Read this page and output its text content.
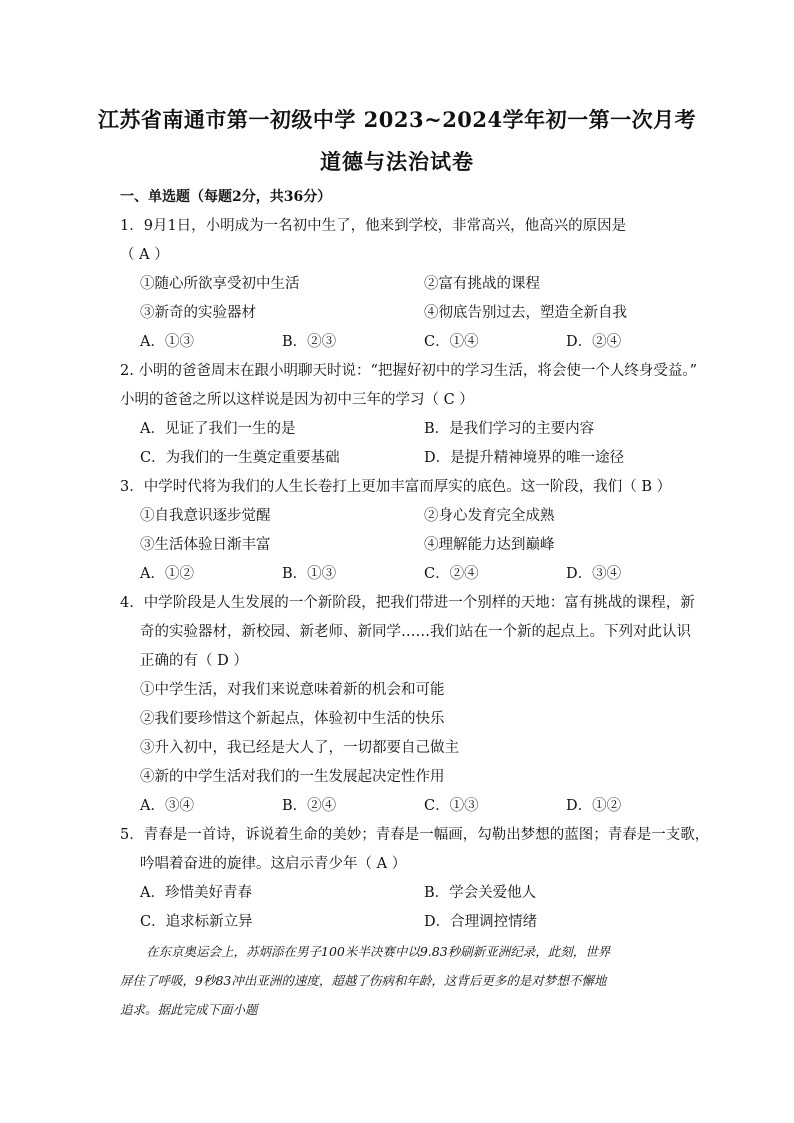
江苏省南通市第一初级中学 2023~2024学年初一第一次月考
道德与法治试卷
一、单选题（每题2分，共36分）
1．9月1日，小明成为一名初中生了，他来到学校，非常高兴，他高兴的原因是
（ A ）
①随心所欲享受初中生活	②富有挑战的课程
③新奇的实验器材	④彻底告别过去，塑造全新自我
A．①③	B．②③	C．①④	D．②④
2. 小明的爸爸周末在跟小明聊天时说：“把握好初中的学习生活，将会使一个人终身受益。”
小明的爸爸之所以这样说是因为初中三年的学习（ C ）
A．见证了我们一生的是	B．是我们学习的主要内容
C．为我们的一生奠定重要基础	D．是提升精神境界的唯一途径
3．中学时代将为我们的人生长卷打上更加丰富而厚实的底色。这一阶段，我们（ B ）
①自我意识逐步觉醒	②身心发育完全成熟
③生活体验日渐丰富	④理解能力达到巅峰
A．①②	B．①③	C．②④	D．③④
4．中学阶段是人生发展的一个新阶段，把我们带进一个别样的天地：富有挑战的课程，新
奇的实验器材，新校园、新老师、新同学……我们站在一个新的起点上。下列对此认识
正确的有（ D ）
①中学生活，对我们来说意味着新的机会和可能
②我们要珍惜这个新起点，体验初中生活的快乐
③升入初中，我已经是大人了，一切都要自己做主
④新的中学生活对我们的一生发展起决定性作用
A．③④	B．②④	C．①③	D．①②
5．青春是一首诗，诉说着生命的美妙；青春是一幅画，勾勒出梦想的蓝图；青春是一支歌，
吟唱着奋进的旋律。这启示青少年（ A ）
A．珍惜美好青春	B．学会关爱他人
C．追求标新立异	D．合理调控情绪
在东京奥运会上，苏炳添在男子100米半决赛中以9.83秒刷新亚洲纪录，此刻，世界
屏住了呼吸，9秒83冲出亚洲的速度，超越了伤病和年龄，这背后更多的是对梦想不懈地
追求。据此完成下面小题
